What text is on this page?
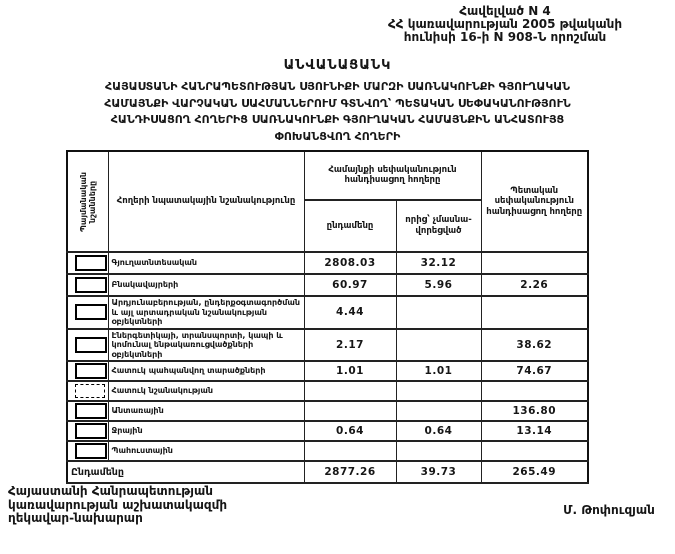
Հավելված N 4
ՀՀ կառավարության 2005 թվականի
հունիսի 16-ի N 908-Ն որոշման
ԱՆՎԱՆԱՑԱՆԿ
ՀԱՅԱՍՏԱՆԻ ՀԱՆՐԱՊԵՏՈՒԹՅԱՆ ՍՅՈՒՆԻՔԻ ՄԱՐԶԻ ՍԱՌՆԱԿՈՒՆՔԻ ԳՅՈՒՂԱԿԱՆ
ՀԱՄԱՅՆՔԻ ՎԱՐՉԱԿԱՆ ՍԱՀՄԱՆՆԵՐՈՒՄ ԳՏՆՎՈՂ՝ ՊԵՏԱԿԱՆ ՍԵՓԱԿԱՆՈՒԹՅՈՒՆ
ՀԱՆԴԻՍԱՑՈՂ ՀՈՂԵՐԻՑ ՍԱՌՆԱԿՈՒՆՔԻ ԳՅՈՒՂԱԿԱՆ ՀԱՄԱՅՆՔԻՆ ԱՆՀԱՏՈՒՅՑ
ՓՈԽԱՆՑՎՈՂ ՀՈՂԵՐԻ
Պայմանական նշանները	Հողերի նպատակային նշանակությունը	Համայնքի սեփականություն հանդիսացող հողերը		Պետական սեփականություն հանդիսացող հողերը
		ընդամենը	որից՝ չմասնա-
վորեցված	

	Գյուղատնտեսական	2808.03	32.12	

	Բնակավայրերի	60.97	5.96	2.26

	Արդյունաբերության, ընդերքօգտագործման և այլ արտադրական նշանակության օբյեկտների	4.44		

	Էներգետիկայի, տրանսպորտի, կապի և կոմունալ ենթակառուցվածքների օբյեկտների	2.17		38.62

	Հատուկ պահպանվող տարածքների	1.01	1.01	74.67

	Հատուկ նշանակության			

	Անտառային			136.80

	Ջրային	0.64	0.64	13.14

	Պահուստային			
Ընդամենը		2877.26	39.73	265.49
Հայաստանի Հանրապետության
կառավարության աշխատակազմի
ղեկավար-նախարար
Մ. Թոփուզյան
